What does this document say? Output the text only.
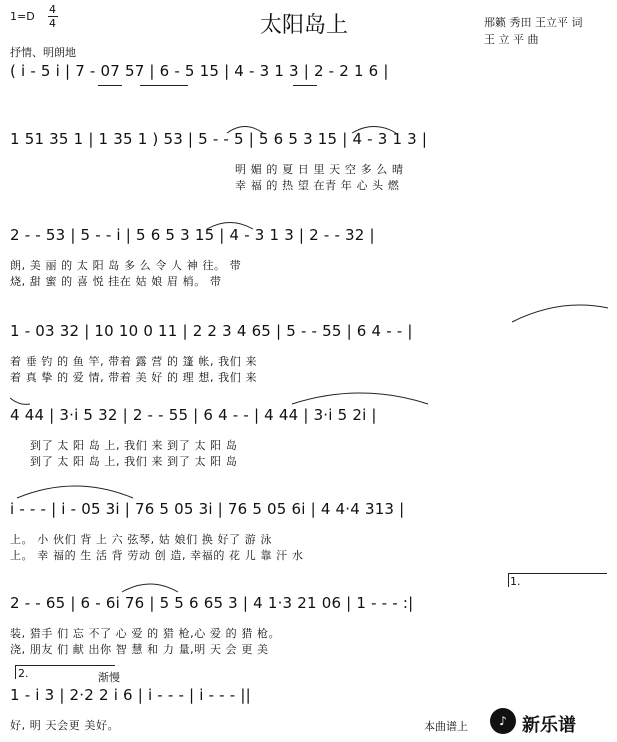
1=D
4
4	太阳岛上	邢籁 秀田 王立平 词
王 立 平 曲
抒情、明朗地
( i - 5 i | 7 - 07 57 | 6 - 5 15 | 4 - 3 1 3 | 2 - 2 1 6 |
1 51 35 1 | 1 35 1 ) 53 | 5 - - 5 | 5 6 5 3 15 | 4 - 3 1 3 |
明 媚 的 夏 日 里 天 空 多 么 晴
幸 福 的 热 望 在青 年 心 头 燃
2 - - 53 | 5 - - i | 5 6 5 3 15 | 4 - 3 1 3 | 2 - - 32 |
朗, 美 丽 的 太 阳 岛 多 么 令 人 神 往。 带
烧, 甜 蜜 的 喜 悦 挂在 姑 娘 眉 梢。 带
1 - 03 32 | 10 10 0 11 | 2 2 3 4 65 | 5 - - 55 | 6 4 - - |
着 垂 钓 的 鱼 竿, 带着 露 营 的 篷 帐, 我们 来
着 真 挚 的 爱 情, 带着 美 好 的 理 想, 我们 来
4 44 | 3·i 5 32 | 2 - - 55 | 6 4 - - | 4 44 | 3·i 5 2i |
到了 太 阳 岛 上, 我们 来 到了 太 阳 岛
到了 太 阳 岛 上, 我们 来 到了 太 阳 岛
i - - - | i - 05 3i | 76 5 05 3i | 76 5 05 6i | 4 4·4 313 |
上。 小 伙们 背 上 六 弦琴, 姑 娘们 换 好了 游 泳
上。 幸 福的 生 活 背 劳动 创 造, 幸福的 花 儿 靠 汗 水
1.
2 - - 65 | 6 - 6i 76 | 5 5 6 65 3 | 4 1·3 21 06 | 1 - - - :|
装, 猎手 们 忘 不了 心 爱 的 猎 枪,心 爱 的 猎 枪。
浇, 朋友 们 献 出你 智 慧 和 力 量,明 天 会 更 美
2.	渐慢
1 - i 3 | 2·2 2 i 6 | i - - - | i - - - ||
好, 明 天会更 美好。	本曲谱上	♪ 新乐谱
